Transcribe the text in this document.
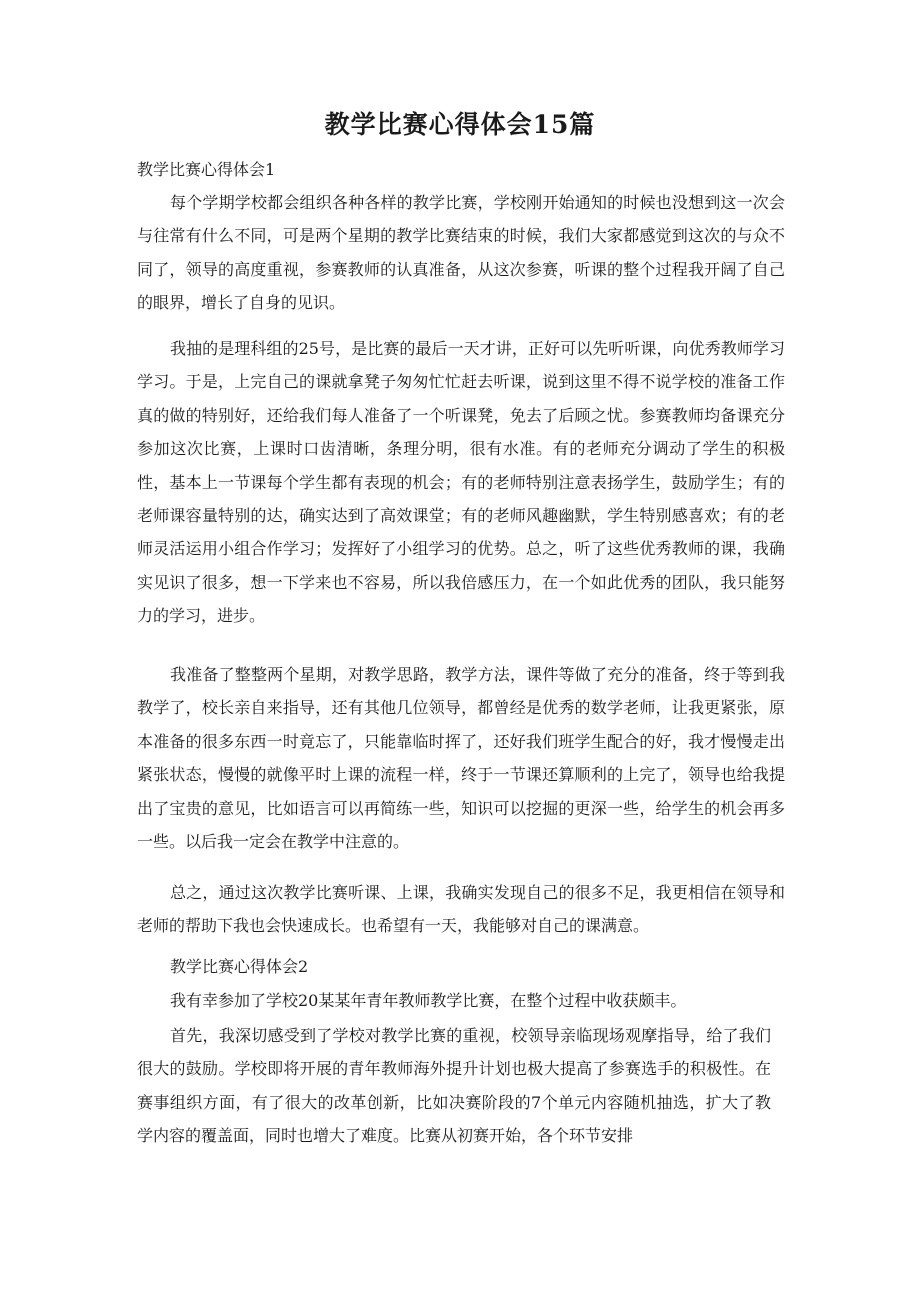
教学比赛心得体会15篇
教学比赛心得体会1

每个学期学校都会组织各种各样的教学比赛，学校刚开始通知的时候也没想到这一次会与往常有什么不同，可是两个星期的教学比赛结束的时候，我们大家都感觉到这次的与众不同了，领导的高度重视，参赛教师的认真准备，从这次参赛，听课的整个过程我开阔了自己的眼界，增长了自身的见识。

我抽的是理科组的25号，是比赛的最后一天才讲，正好可以先听听课，向优秀教师学习学习。于是，上完自己的课就拿凳子匆匆忙忙赶去听课，说到这里不得不说学校的准备工作真的做的特别好，还给我们每人准备了一个听课凳，免去了后顾之忧。参赛教师均备课充分参加这次比赛，上课时口齿清晰，条理分明，很有水准。有的老师充分调动了学生的积极性，基本上一节课每个学生都有表现的机会；有的老师特别注意表扬学生，鼓励学生；有的老师课容量特别的达，确实达到了高效课堂；有的老师风趣幽默，学生特别感喜欢；有的老师灵活运用小组合作学习；发挥好了小组学习的优势。总之，听了这些优秀教师的课，我确实见识了很多，想一下学来也不容易，所以我倍感压力，在一个如此优秀的团队，我只能努力的学习，进步。

我准备了整整两个星期，对教学思路，教学方法，课件等做了充分的准备，终于等到我教学了，校长亲自来指导，还有其他几位领导，都曾经是优秀的数学老师，让我更紧张，原本准备的很多东西一时竟忘了，只能靠临时挥了，还好我们班学生配合的好，我才慢慢走出紧张状态，慢慢的就像平时上课的流程一样，终于一节课还算顺利的上完了，领导也给我提出了宝贵的意见，比如语言可以再简练一些，知识可以挖掘的更深一些，给学生的机会再多一些。以后我一定会在教学中注意的。

总之，通过这次教学比赛听课、上课，我确实发现自己的很多不足，我更相信在领导和老师的帮助下我也会快速成长。也希望有一天，我能够对自己的课满意。

教学比赛心得体会2

我有幸参加了学校20某某年青年教师教学比赛，在整个过程中收获颇丰。

首先，我深切感受到了学校对教学比赛的重视，校领导亲临现场观摩指导，给了我们很大的鼓励。学校即将开展的青年教师海外提升计划也极大提高了参赛选手的积极性。在赛事组织方面，有了很大的改革创新，比如决赛阶段的7个单元内容随机抽选，扩大了教学内容的覆盖面，同时也增大了难度。比赛从初赛开始，各个环节安排
